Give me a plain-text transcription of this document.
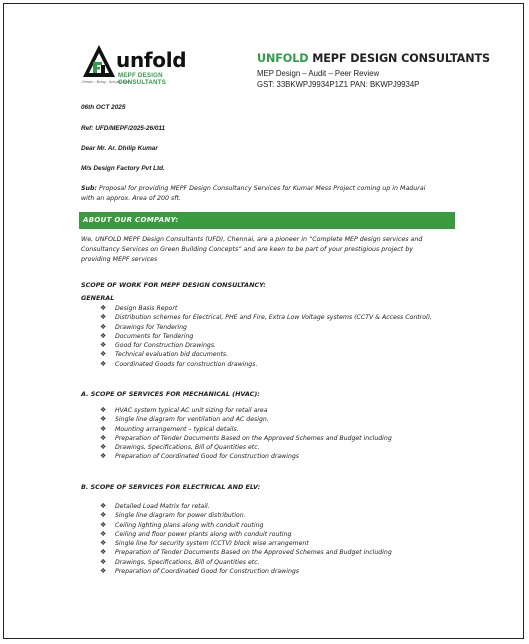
unfold
MEPF DESIGN CONSULTANTS
Dream - Bring - Actualization
UNFOLD MEPF DESIGN CONSULTANTS
MEP Design – Audit – Peer Review
GST: 33BKWPJ9934P1Z1 PAN: BKWPJ9934P
06th OCT 2025
Ref: UFD/MEPF/2025-26/011
Dear Mr. Ar. Dhilip Kumar
M/s Design Factory Pvt Ltd.
Sub: Proposal for providing MEPF Design Consultancy Services for Kumar Mess Project coming up in Madurai
with an approx. Area of 200 sft.
ABOUT OUR COMPANY:
We, UNFOLD MEPF Design Consultants (UFD), Chennai, are a pioneer in “Complete MEP design services and
Consultancy Services on Green Building Concepts” and are keen to be part of your prestigious project by
providing MEPF services
SCOPE OF WORK FOR MEPF DESIGN CONSULTANCY:
GENERAL
❖ Design Basis Report
❖ Distribution schemes for Electrical, PHE and Fire, Extra Low Voltage systems (CCTV & Access Control),
❖ Drawings for Tendering
❖ Documents for Tendering
❖ Good for Construction Drawings.
❖ Technical evaluation bid documents.
❖ Coordinated Goods for construction drawings.
A. SCOPE OF SERVICES FOR MECHANICAL (HVAC):
❖ HVAC system typical AC unit sizing for retail area
❖ Single line diagram for ventilation and AC design.
❖ Mounting arrangement – typical details.
❖ Preparation of Tender Documents Based on the Approved Schemes and Budget including
❖ Drawings, Specifications, Bill of Quantities etc.
❖ Preparation of Coordinated Good for Construction drawings
B. SCOPE OF SERVICES FOR ELECTRICAL AND ELV:
❖ Detailed Load Matrix for retail.
❖ Single line diagram for power distribution.
❖ Ceiling lighting plans along with conduit routing
❖ Ceiling and floor power plants along with conduit routing
❖ Single line for security system (CCTV) block wise arrangement
❖ Preparation of Tender Documents Based on the Approved Schemes and Budget including
❖ Drawings, Specifications, Bill of Quantities etc.
❖ Preparation of Coordinated Good for Construction drawings
